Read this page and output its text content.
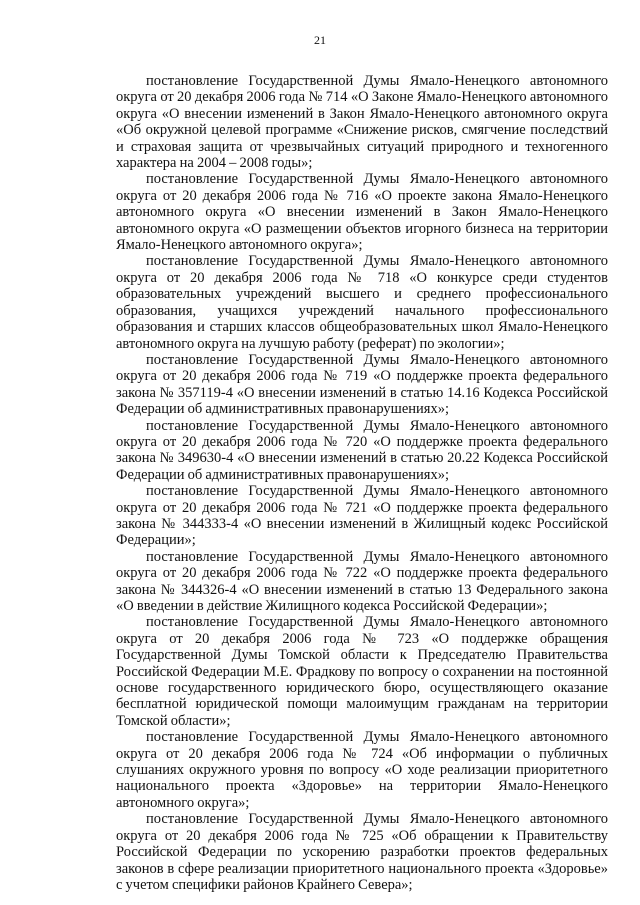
21

постановление Государственной Думы Ямало-Ненецкого автономного округа от 20 декабря 2006 года № 714 «О Законе Ямало-Ненецкого автономного округа «О внесении изменений в Закон Ямало-Ненецкого автономного округа «Об окружной целевой программе «Снижение рисков, смягчение последствий и страховая защита от чрезвычайных ситуаций природного и техногенного характера на 2004 – 2008 годы»;

постановление Государственной Думы Ямало-Ненецкого автономного округа от 20 декабря 2006 года № 716 «О проекте закона Ямало-Ненецкого автономного округа «О внесении изменений в Закон Ямало-Ненецкого автономного округа «О размещении объектов игорного бизнеса на территории Ямало-Ненецкого автономного округа»;

постановление Государственной Думы Ямало-Ненецкого автономного округа от 20 декабря 2006 года № 718 «О конкурсе среди студентов образовательных учреждений высшего и среднего профессионального образования, учащихся учреждений начального профессионального образования и старших классов общеобразовательных школ Ямало-Ненецкого автономного округа на лучшую работу (реферат) по экологии»;

постановление Государственной Думы Ямало-Ненецкого автономного округа от 20 декабря 2006 года № 719 «О поддержке проекта федерального закона № 357119-4 «О внесении изменений в статью 14.16 Кодекса Российской Федерации об административных правонарушениях»;

постановление Государственной Думы Ямало-Ненецкого автономного округа от 20 декабря 2006 года № 720 «О поддержке проекта федерального закона № 349630-4 «О внесении изменений в статью 20.22 Кодекса Российской Федерации об административных правонарушениях»;

постановление Государственной Думы Ямало-Ненецкого автономного округа от 20 декабря 2006 года № 721 «О поддержке проекта федерального закона № 344333-4 «О внесении изменений в Жилищный кодекс Российской Федерации»;

постановление Государственной Думы Ямало-Ненецкого автономного округа от 20 декабря 2006 года № 722 «О поддержке проекта федерального закона № 344326-4 «О внесении изменений в статью 13 Федерального закона «О введении в действие Жилищного кодекса Российской Федерации»;

постановление Государственной Думы Ямало-Ненецкого автономного округа от 20 декабря 2006 года № 723 «О поддержке обращения Государственной Думы Томской области к Председателю Правительства Российской Федерации М.Е. Фрадкову по вопросу о сохранении на постоянной основе государственного юридического бюро, осуществляющего оказание бесплатной юридической помощи малоимущим гражданам на территории Томской области»;

постановление Государственной Думы Ямало-Ненецкого автономного округа от 20 декабря 2006 года № 724 «Об информации о публичных слушаниях окружного уровня по вопросу «О ходе реализации приоритетного национального проекта «Здоровье» на территории Ямало-Ненецкого автономного округа»;

постановление Государственной Думы Ямало-Ненецкого автономного округа от 20 декабря 2006 года № 725 «Об обращении к Правительству Российской Федерации по ускорению разработки проектов федеральных законов в сфере реализации приоритетного национального проекта «Здоровье» с учетом специфики районов Крайнего Севера»;
